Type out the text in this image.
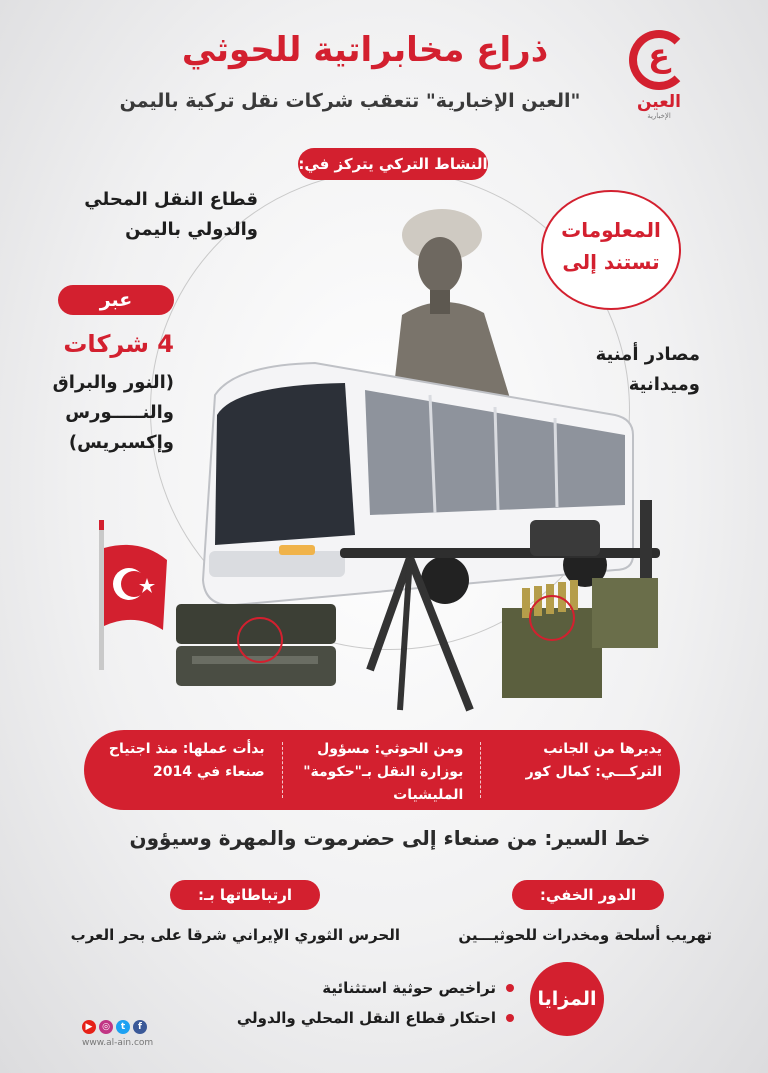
ع
العين
الإخبارية
ذراع مخابراتية للحوثي
"العين الإخبارية" تتعقب شركات نقل تركية باليمن
النشاط التركي يتركز في:
قطاع النقل المحلي
والدولي باليمن	المعلومات
تستند إلى
مصادر أمنية
وميدانية
عبر
4 شركات
(النور والبراق
والنـــــورس
وإكسبريس)
يديرها من الجانب التركـــي: كمال كور
ومن الحوثي: مسؤول بوزارة النقل بـ"حكومة" المليشيات
بدأت عملها: منذ اجتياح صنعاء في 2014
خط السير: من صنعاء إلى حضرموت والمهرة وسيؤون
الدور الخفي:
ارتباطاتها بـ:
تهريب أسلحة ومخدرات للحوثيـــين
الحرس الثوري الإيراني شرقا على بحر العرب
المزايا
تراخيص حوثية استثنائية
احتكار قطاع النقل المحلي والدولي
▶	◎	t	f
www.al-ain.com
